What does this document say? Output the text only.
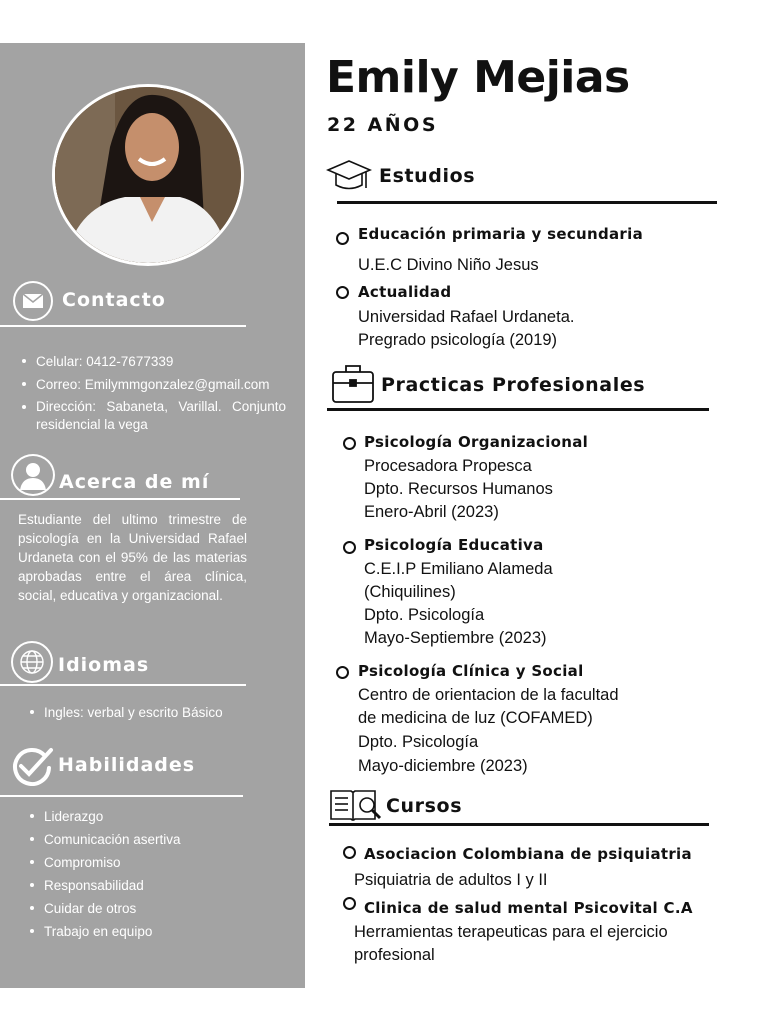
Contacto
Celular: 0412-7677339
Correo: Emilymmgonzalez@gmail.com
Dirección: Sabaneta, Varillal. Conjunto residencial la vega
Acerca de mí
Estudiante del ultimo trimestre de psicología en la Universidad Rafael Urdaneta con el 95% de las materias aprobadas entre el área clínica, social, educativa y organizacional.
Idiomas
Ingles: verbal y escrito Básico
Habilidades
Liderazgo
Comunicación asertiva
Compromiso
Responsabilidad
Cuidar de otros
Trabajo en equipo
Emily Mejias
22 AÑOS
Estudios
Educación primaria y secundaria
U.E.C Divino Niño Jesus
Actualidad
Universidad Rafael Urdaneta.
Pregrado psicología (2019)
Practicas Profesionales
Psicología Organizacional
Procesadora Propesca
Dpto. Recursos Humanos
Enero-Abril (2023)
Psicología Educativa
C.E.I.P Emiliano Alameda
(Chiquilines)
Dpto. Psicología
Mayo-Septiembre (2023)
Psicología Clínica y Social
Centro de orientacion de la facultad
de medicina de luz (COFAMED)
Dpto. Psicología
Mayo-diciembre (2023)
Cursos
Asociacion Colombiana de psiquiatria
Psiquiatria de adultos I y II
Clinica de salud mental Psicovital C.A
Herramientas terapeuticas para el ejercicio
profesional
